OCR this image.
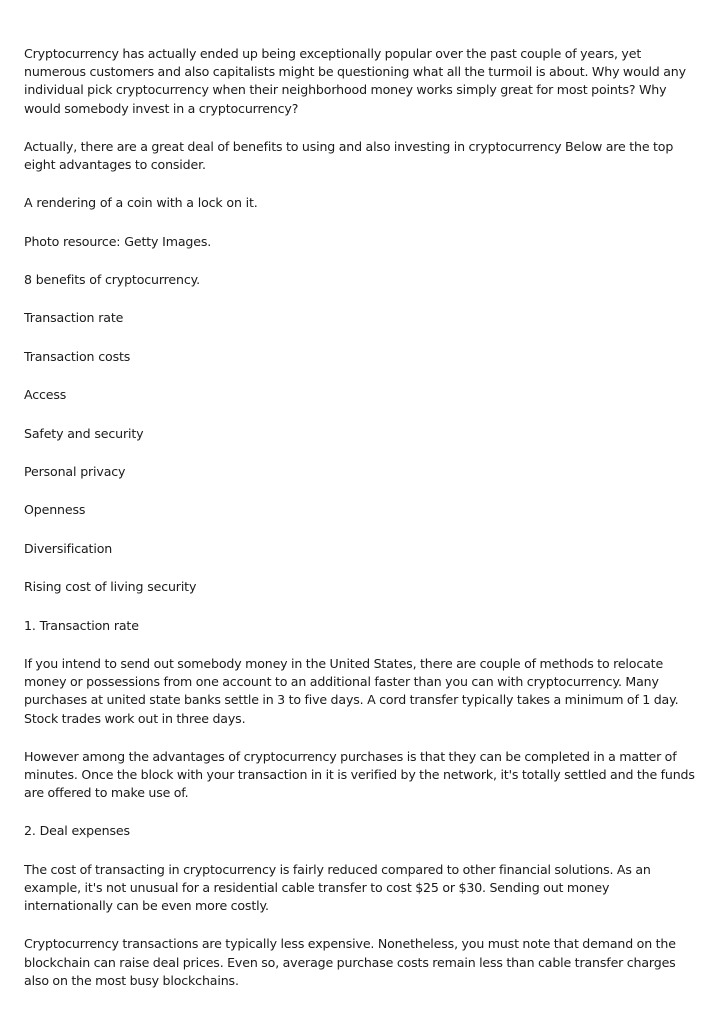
Cryptocurrency has actually ended up being exceptionally popular over the past couple of years, yet numerous customers and also capitalists might be questioning what all the turmoil is about. Why would any individual pick cryptocurrency when their neighborhood money works simply great for most points? Why would somebody invest in a cryptocurrency?

Actually, there are a great deal of benefits to using and also investing in cryptocurrency Below are the top eight advantages to consider.

A rendering of a coin with a lock on it.

Photo resource: Getty Images.

8 benefits of cryptocurrency.

Transaction rate

Transaction costs

Access

Safety and security

Personal privacy

Openness

Diversification

Rising cost of living security

1. Transaction rate

If you intend to send out somebody money in the United States, there are couple of methods to relocate money or possessions from one account to an additional faster than you can with cryptocurrency. Many purchases at united state banks settle in 3 to five days. A cord transfer typically takes a minimum of 1 day. Stock trades work out in three days.

However among the advantages of cryptocurrency purchases is that they can be completed in a matter of minutes. Once the block with your transaction in it is verified by the network, it's totally settled and the funds are offered to make use of.

2. Deal expenses

The cost of transacting in cryptocurrency is fairly reduced compared to other financial solutions. As an example, it's not unusual for a residential cable transfer to cost $25 or $30. Sending out money internationally can be even more costly.

Cryptocurrency transactions are typically less expensive. Nonetheless, you must note that demand on the blockchain can raise deal prices. Even so, average purchase costs remain less than cable transfer charges also on the most busy blockchains.
